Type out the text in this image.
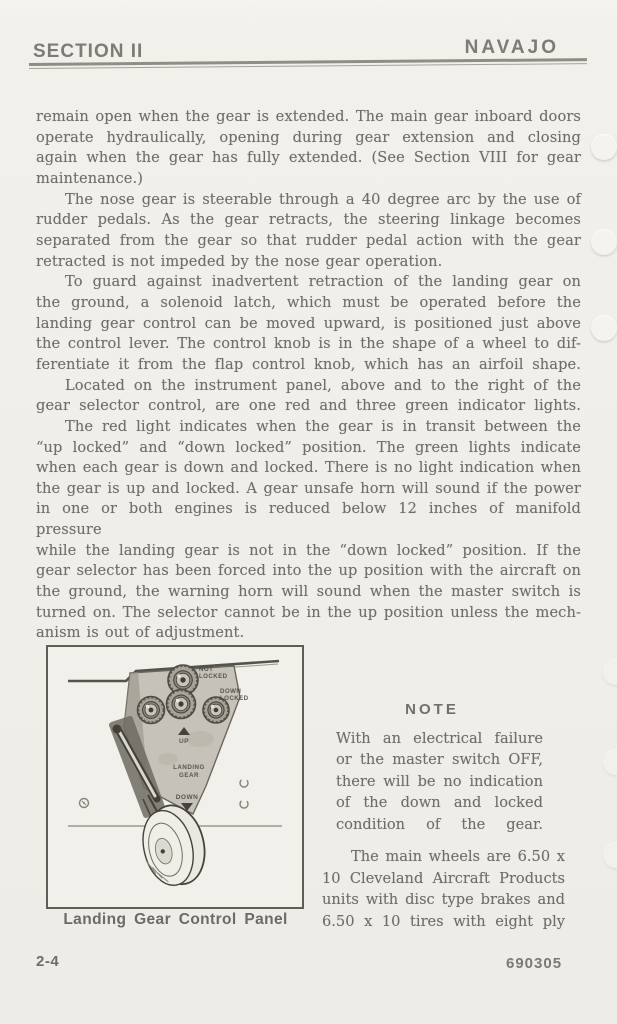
SECTION II	NAVAJO
remain open when the gear is extended. The main gear inboard doors
operate hydraulically, opening during gear extension and closing
again when the gear has fully extended. (See Section VIII for gear
maintenance.)
The nose gear is steerable through a 40 degree arc by the use of
rudder pedals. As the gear retracts, the steering linkage becomes
separated from the gear so that rudder pedal action with the gear
retracted is not impeded by the nose gear operation.
To guard against inadvertent retraction of the landing gear on
the ground, a solenoid latch, which must be operated before the
landing gear control can be moved upward, is positioned just above
the control lever. The control knob is in the shape of a wheel to dif-
ferentiate it from the flap control knob, which has an airfoil shape.
Located on the instrument panel, above and to the right of the
gear selector control, are one red and three green indicator lights.
The red light indicates when the gear is in transit between the
“up locked” and “down locked” position. The green lights indicate
when each gear is down and locked. There is no light indication when
the gear is up and locked. A gear unsafe horn will sound if the power
in one or both engines is reduced below 12 inches of manifold pressure
while the landing gear is not in the “down locked” position. If the
gear selector has been forced into the up position with the aircraft on
the ground, the warning horn will sound when the master switch is
turned on. The selector cannot be in the up position unless the mech-
anism is out of adjustment.
NOT
LOCKED
DOWN
LOCKED
UP
LANDING
GEAR
DOWN
Landing Gear Control Panel
NOTE
With an electrical failure
or the master switch OFF,
there will be no indication
of the down and locked
condition of the gear.
The main wheels are 6.50 x
10 Cleveland Aircraft Products
units with disc type brakes and
6.50 x 10 tires with eight ply
2-4	690305
